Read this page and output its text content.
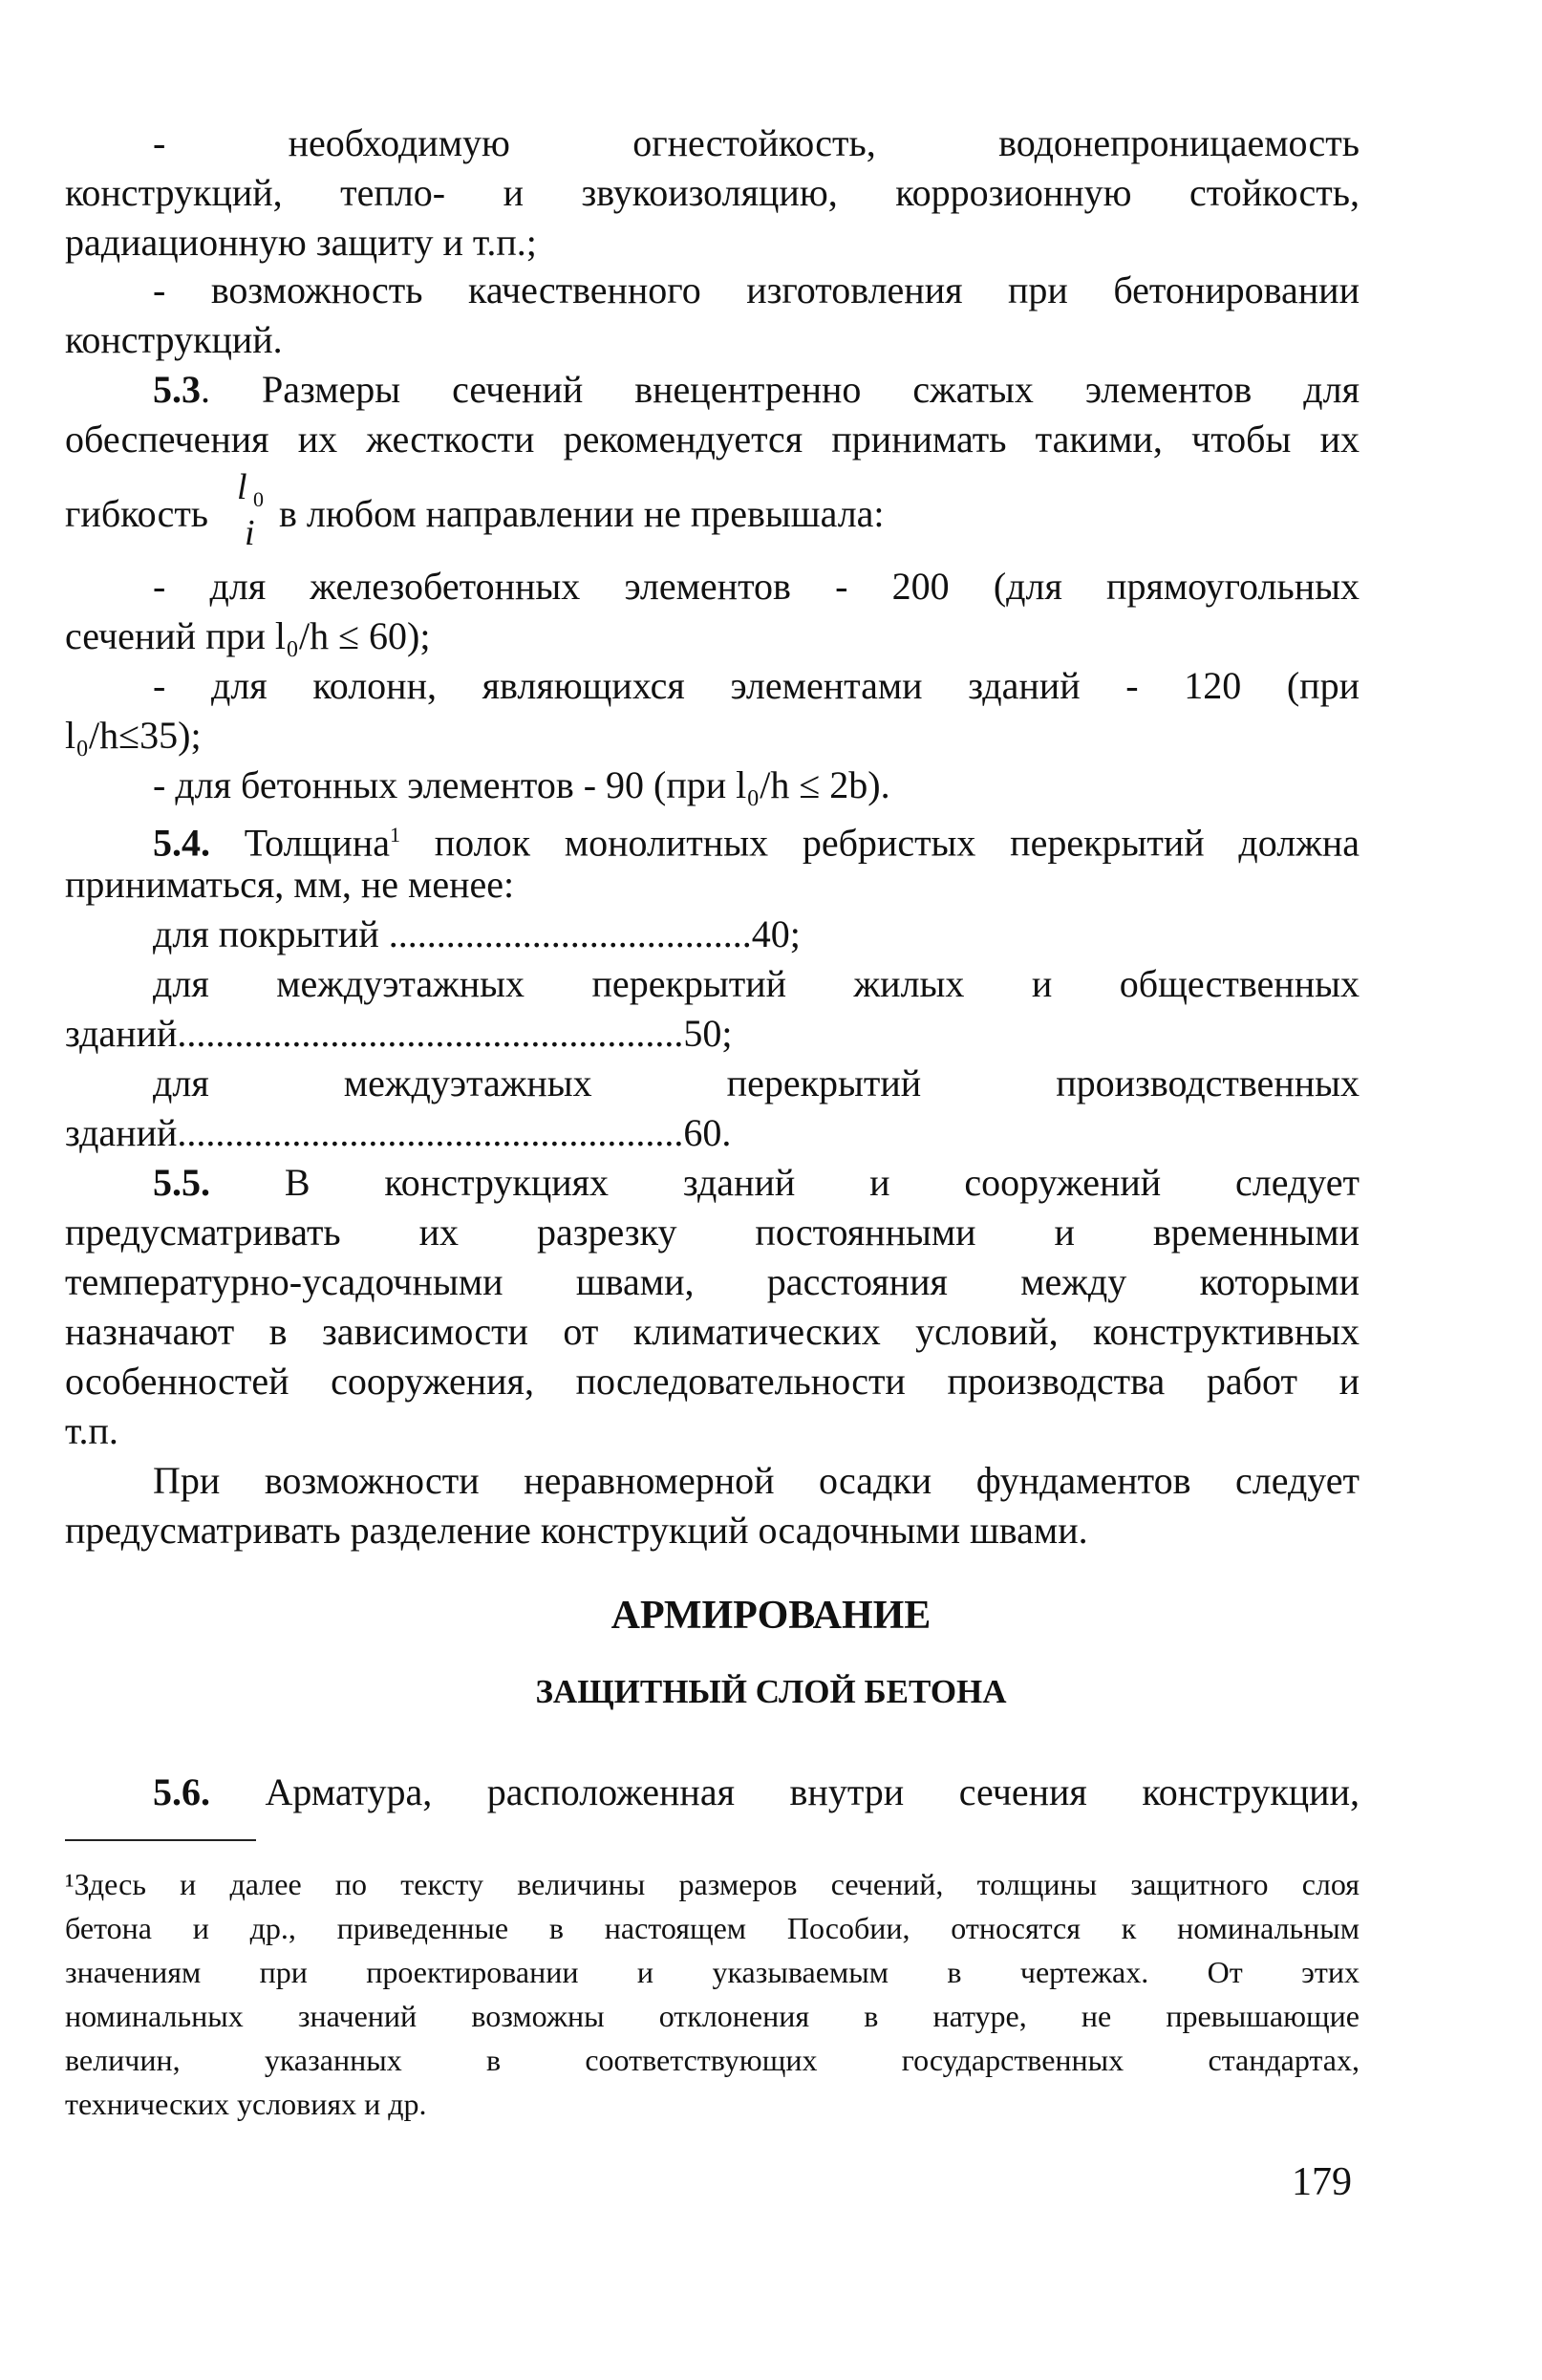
- необходимую огнестойкость, водонепроницаемость
конструкций, тепло- и звукоизоляцию, коррозионную стойкость,
радиационную защиту и т.п.;
- возможность качественного изготовления при бетонировании
конструкций.
5.3. Размеры сечений внецентренно сжатых элементов для
обеспечения их жесткости рекомендуется принимать такими, чтобы их
гибкость
l 0
i в любом направлении не превышала:
- для железобетонных элементов - 200 (для прямоугольных
сечений при l₀/h ≤ 60);
- для колонн, являющихся элементами зданий - 120 (при
l₀/h≤35);
- для бетонных элементов - 90 (при l₀/h ≤ 2b).
5.4. Толщина$^1$ полок монолитных ребристых перекрытий должна
приниматься, мм, не менее:
для покрытий ......................................40;
для междуэтажных перекрытий жилых и общественных
зданий.....................................................50;
для междуэтажных перекрытий производственных
зданий.....................................................60.
5.5. В конструкциях зданий и сооружений следует
предусматривать их разрезку постоянными и временными
температурно-усадочными швами, расстояния между которыми
назначают в зависимости от климатических условий, конструктивных
особенностей сооружения, последовательности производства работ и
т.п.
При возможности неравномерной осадки фундаментов следует
предусматривать разделение конструкций осадочными швами.
АРМИРОВАНИЕ
ЗАЩИТНЫЙ СЛОЙ БЕТОНА
5.6. Арматура, расположенная внутри сечения конструкции,
¹Здесь и далее по тексту величины размеров сечений, толщины защитного слоя
бетона и др., приведенные в настоящем Пособии, относятся к номинальным
значениям при проектировании и указываемым в чертежах. От этих
номинальных значений возможны отклонения в натуре, не превышающие
величин, указанных в соответствующих государственных стандартах,
технических условиях и др.
179
